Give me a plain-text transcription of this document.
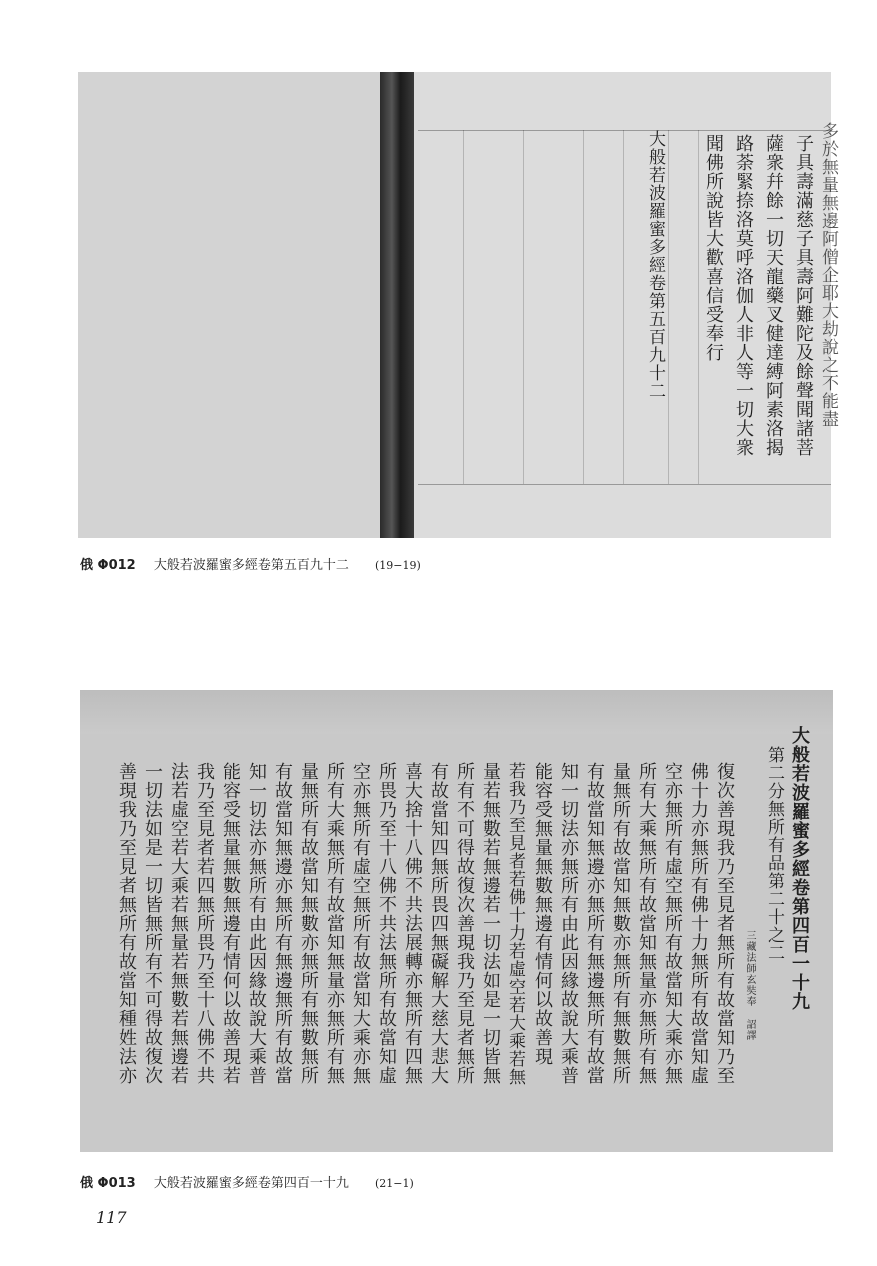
大般若波羅蜜多經卷第五百九十二 聞佛所說皆大歡喜信受奉行 路荼緊捺洛莫呼洛伽人非人等一切大衆 薩衆幷餘一切天龍藥叉健達縛阿素洛揭 子具壽滿慈子具壽阿難陀及餘聲聞諸菩 多於無量無邊阿僧企耶大劫說之不能盡
俄 Φ012 大般若波羅蜜多經卷第五百九十二 (19−19)
大般若波羅蜜多經卷第四百一十九
第二分無所有品第二十之二
三藏法師玄奘奉 詔譯
復次善現我乃至見者無所有故當知乃至
佛十力亦無所有佛十力無所有故當知虛
空亦無所有虛空無所有故當知大乘亦無
所有大乘無所有故當知無量亦無所有無
量無所有故當知無數亦無所有無數無所
有故當知無邊亦無所有無邊無所有故當
知一切法亦無所有由此因緣故說大乘普
能容受無量無數無邊有情何以故善現
若我乃至見者若佛十力若虛空若大乘若無
量若無數若無邊若一切法如是一切皆無
所有不可得故復次善現我乃至見者無所
有故當知四無所畏四無礙解大慈大悲大
喜大捨十八佛不共法展轉亦無所有四無
所畏乃至十八佛不共法無所有故當知虛
空亦無所有虛空無所有故當知大乘亦無
所有大乘無所有故當知無量亦無所有無
量無所有故當知無數亦無所有無數無所
有故當知無邊亦無所有無邊無所有故當
知一切法亦無所有由此因緣故說大乘普
能容受無量無數無邊有情何以故善現若
我乃至見者若四無所畏乃至十八佛不共
法若虛空若大乘若無量若無數若無邊若
一切法如是一切皆無所有不可得故復次
善現我乃至見者無所有故當知種姓法亦
俄 Φ013 大般若波羅蜜多經卷第四百一十九 (21−1)
117
